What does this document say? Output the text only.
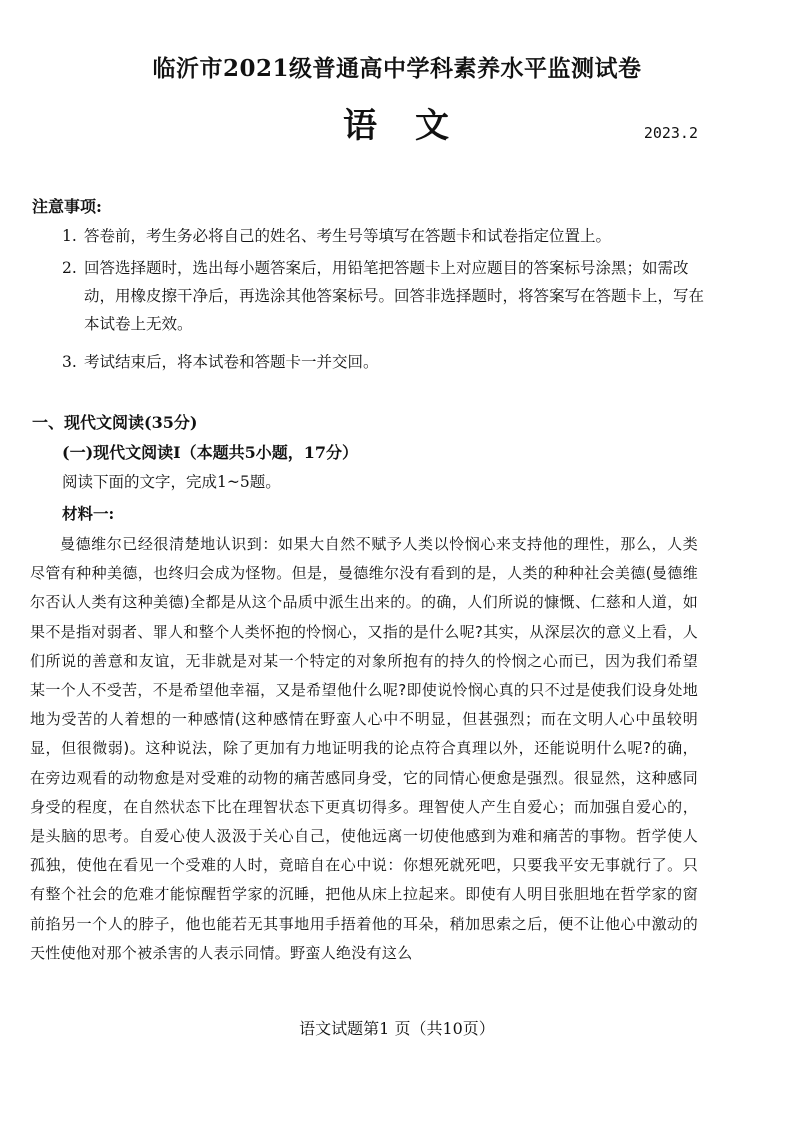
临沂市2021级普通高中学科素养水平监测试卷
语　文	2023.2
注意事项:
1. 答卷前，考生务必将自己的姓名、考生号等填写在答题卡和试卷指定位置上。
2. 回答选择题时，选出每小题答案后，用铅笔把答题卡上对应题目的答案标号涂黑；如需改动，用橡皮擦干净后，再选涂其他答案标号。回答非选择题时，将答案写在答题卡上，写在本试卷上无效。
3. 考试结束后，将本试卷和答题卡一并交回。
一、现代文阅读(35分)
(一)现代文阅读I（本题共5小题，17分）
阅读下面的文字，完成1~5题。
材料一:

曼德维尔已经很清楚地认识到：如果大自然不赋予人类以怜悯心来支持他的理性，那么，人类尽管有种种美德，也终归会成为怪物。但是，曼德维尔没有看到的是，人类的种种社会美德(曼德维尔否认人类有这种美德)全都是从这个品质中派生出来的。的确，人们所说的慷慨、仁慈和人道，如果不是指对弱者、罪人和整个人类怀抱的怜悯心，又指的是什么呢?其实，从深层次的意义上看，人们所说的善意和友谊，无非就是对某一个特定的对象所抱有的持久的怜悯之心而已，因为我们希望某一个人不受苦，不是希望他幸福，又是希望他什么呢?即使说怜悯心真的只不过是使我们设身处地地为受苦的人着想的一种感情(这种感情在野蛮人心中不明显，但甚强烈；而在文明人心中虽较明显，但很微弱)。这种说法，除了更加有力地证明我的论点符合真理以外，还能说明什么呢?的确，在旁边观看的动物愈是对受难的动物的痛苦感同身受，它的同情心便愈是强烈。很显然，这种感同身受的程度，在自然状态下比在理智状态下更真切得多。理智使人产生自爱心；而加强自爱心的，是头脑的思考。自爱心使人汲汲于关心自己，使他远离一切使他感到为难和痛苦的事物。哲学使人孤独，使他在看见一个受难的人时，竟暗自在心中说：你想死就死吧，只要我平安无事就行了。只有整个社会的危难才能惊醒哲学家的沉睡，把他从床上拉起来。即使有人明目张胆地在哲学家的窗前掐另一个人的脖子，他也能若无其事地用手捂着他的耳朵，稍加思索之后，便不让他心中激动的天性使他对那个被杀害的人表示同情。野蛮人绝没有这么

语文试题第1 页（共10页）
